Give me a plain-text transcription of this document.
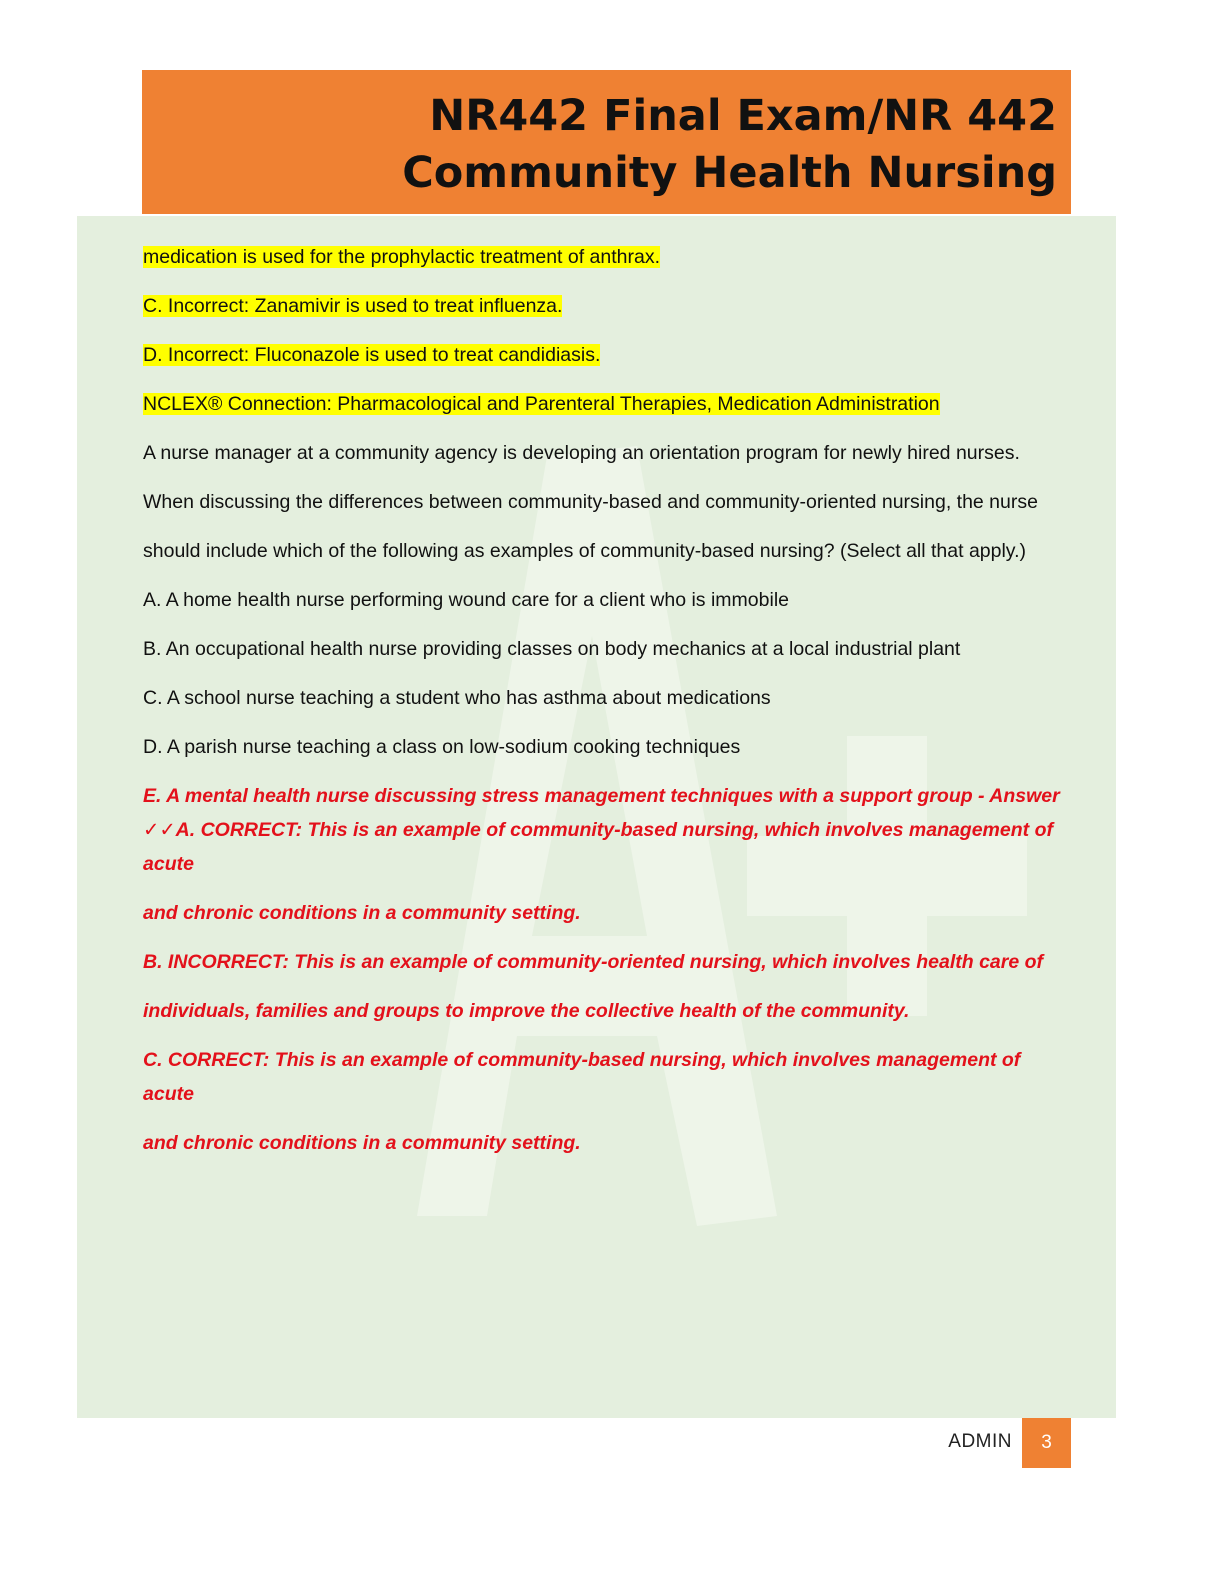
NR442 Final Exam/NR 442
Community Health Nursing

medication is used for the prophylactic treatment of anthrax.

C. Incorrect: Zanamivir is used to treat influenza.

D. Incorrect: Fluconazole is used to treat candidiasis.

NCLEX® Connection: Pharmacological and Parenteral Therapies, Medication Administration

A nurse manager at a community agency is developing an orientation program for newly hired nurses.

When discussing the differences between community-based and community-oriented nursing, the nurse

should include which of the following as examples of community-based nursing? (Select all that apply.)

A. A home health nurse performing wound care for a client who is immobile

B. An occupational health nurse providing classes on body mechanics at a local industrial plant

C. A school nurse teaching a student who has asthma about medications

D. A parish nurse teaching a class on low-sodium cooking techniques

E. A mental health nurse discussing stress management techniques with a support group - Answer ✓✓A. CORRECT: This is an example of community-based nursing, which involves management of acute

and chronic conditions in a community setting.

B. INCORRECT: This is an example of community-oriented nursing, which involves health care of

individuals, families and groups to improve the collective health of the community.

C. CORRECT: This is an example of community-based nursing, which involves management of acute

and chronic conditions in a community setting.

ADMIN	3
